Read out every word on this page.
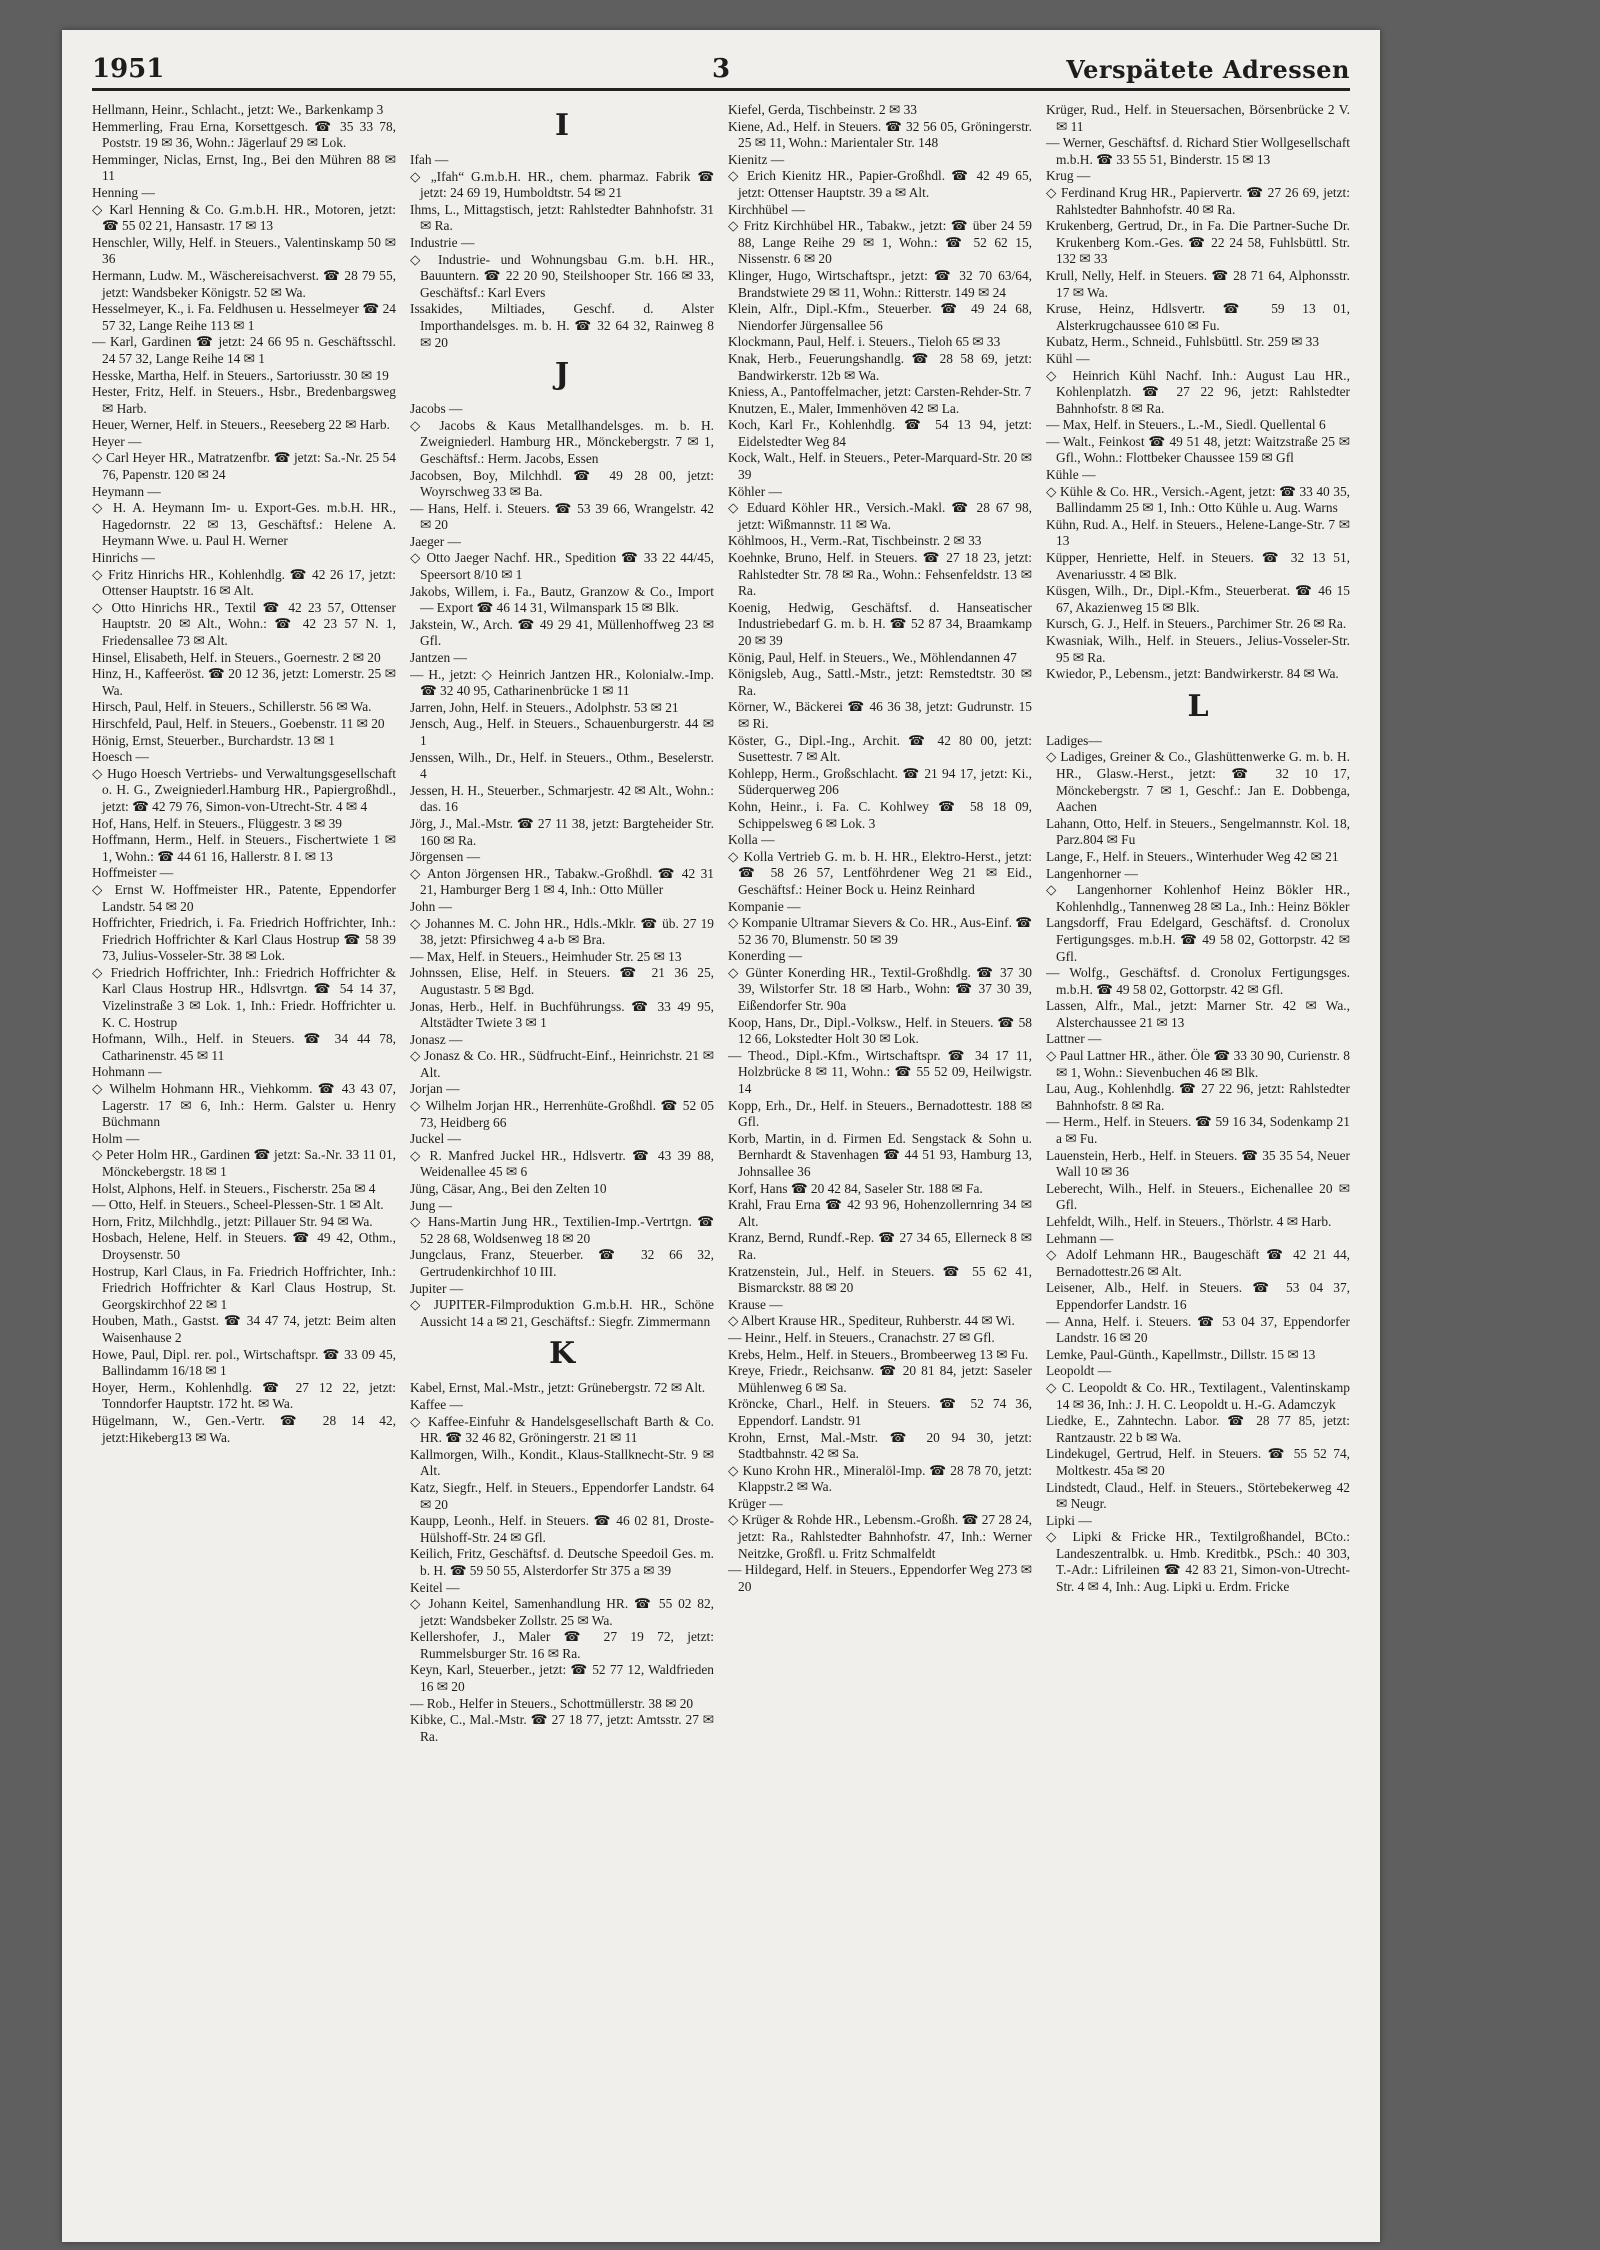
1951	3	Verspätete Adressen
Hellmann, Heinr., Schlacht., jetzt: We., Barkenkamp 3
Hemmerling, Frau Erna, Korsettgesch. ☎ 35 33 78, Poststr. 19 ✉ 36, Wohn.: Jägerlauf 29 ✉ Lok.
Hemminger, Niclas, Ernst, Ing., Bei den Mühren 88 ✉ 11
Henning —
◇ Karl Henning & Co. G.m.b.H. HR., Motoren, jetzt: ☎ 55 02 21, Hansastr. 17 ✉ 13
Henschler, Willy, Helf. in Steuers., Valentinskamp 50 ✉ 36
Hermann, Ludw. M., Wäschereisachverst. ☎ 28 79 55, jetzt: Wandsbeker Königstr. 52 ✉ Wa.
Hesselmeyer, K., i. Fa. Feldhusen u. Hesselmeyer ☎ 24 57 32, Lange Reihe 113 ✉ 1
— Karl, Gardinen ☎ jetzt: 24 66 95 n. Geschäftsschl. 24 57 32, Lange Reihe 14 ✉ 1
Hesske, Martha, Helf. in Steuers., Sartoriusstr. 30 ✉ 19
Hester, Fritz, Helf. in Steuers., Hsbr., Bredenbargsweg ✉ Harb.
Heuer, Werner, Helf. in Steuers., Reeseberg 22 ✉ Harb.
Heyer —
◇ Carl Heyer HR., Matratzenfbr. ☎ jetzt: Sa.-Nr. 25 54 76, Papenstr. 120 ✉ 24
Heymann —
◇ H. A. Heymann Im- u. Export-Ges. m.b.H. HR., Hagedornstr. 22 ✉ 13, Geschäftsf.: Helene A. Heymann Wwe. u. Paul H. Werner
Hinrichs —
◇ Fritz Hinrichs HR., Kohlenhdlg. ☎ 42 26 17, jetzt: Ottenser Hauptstr. 16 ✉ Alt.
◇ Otto Hinrichs HR., Textil ☎ 42 23 57, Ottenser Hauptstr. 20 ✉ Alt., Wohn.: ☎ 42 23 57 N. 1, Friedensallee 73 ✉ Alt.
Hinsel, Elisabeth, Helf. in Steuers., Goernestr. 2 ✉ 20
Hinz, H., Kaffeeröst. ☎ 20 12 36, jetzt: Lomerstr. 25 ✉ Wa.
Hirsch, Paul, Helf. in Steuers., Schillerstr. 56 ✉ Wa.
Hirschfeld, Paul, Helf. in Steuers., Goebenstr. 11 ✉ 20
Hönig, Ernst, Steuerber., Burchardstr. 13 ✉ 1
Hoesch —
◇ Hugo Hoesch Vertriebs- und Verwaltungsgesellschaft o. H. G., Zweigniederl.Hamburg HR., Papiergroßhdl., jetzt: ☎ 42 79 76, Simon-von-Utrecht-Str. 4 ✉ 4
Hof, Hans, Helf. in Steuers., Flüggestr. 3 ✉ 39
Hoffmann, Herm., Helf. in Steuers., Fischertwiete 1 ✉ 1, Wohn.: ☎ 44 61 16, Hallerstr. 8 I. ✉ 13
Hoffmeister —
◇ Ernst W. Hoffmeister HR., Patente, Eppendorfer Landstr. 54 ✉ 20
Hoffrichter, Friedrich, i. Fa. Friedrich Hoffrichter, Inh.: Friedrich Hoffrichter & Karl Claus Hostrup ☎ 58 39 73, Julius-Vosseler-Str. 38 ✉ Lok.
◇ Friedrich Hoffrichter, Inh.: Friedrich Hoffrichter & Karl Claus Hostrup HR., Hdlsvrtgn. ☎ 54 14 37, Vizelinstraße 3 ✉ Lok. 1, Inh.: Friedr. Hoffrichter u. K. C. Hostrup
Hofmann, Wilh., Helf. in Steuers. ☎ 34 44 78, Catharinenstr. 45 ✉ 11
Hohmann —
◇ Wilhelm Hohmann HR., Viehkomm. ☎ 43 43 07, Lagerstr. 17 ✉ 6, Inh.: Herm. Galster u. Henry Büchmann
Holm —
◇ Peter Holm HR., Gardinen ☎ jetzt: Sa.-Nr. 33 11 01, Mönckebergstr. 18 ✉ 1
Holst, Alphons, Helf. in Steuers., Fischerstr. 25a ✉ 4
— Otto, Helf. in Steuers., Scheel-Plessen-Str. 1 ✉ Alt.
Horn, Fritz, Milchhdlg., jetzt: Pillauer Str. 94 ✉ Wa.
Hosbach, Helene, Helf. in Steuers. ☎ 49 42, Othm., Droysenstr. 50
Hostrup, Karl Claus, in Fa. Friedrich Hoffrichter, Inh.: Friedrich Hoffrichter & Karl Claus Hostrup, St. Georgskirchhof 22 ✉ 1
Houben, Math., Gastst. ☎ 34 47 74, jetzt: Beim alten Waisenhause 2
Howe, Paul, Dipl. rer. pol., Wirtschaftspr. ☎ 33 09 45, Ballindamm 16/18 ✉ 1
Hoyer, Herm., Kohlenhdlg. ☎ 27 12 22, jetzt: Tonndorfer Hauptstr. 172 ht. ✉ Wa.
Hügelmann, W., Gen.-Vertr. ☎ 28 14 42, jetzt:Hikeberg13 ✉ Wa.
I
Ifah —
◇ „Ifah“ G.m.b.H. HR., chem. pharmaz. Fabrik ☎ jetzt: 24 69 19, Humboldtstr. 54 ✉ 21
Ihms, L., Mittagstisch, jetzt: Rahlstedter Bahnhofstr. 31 ✉ Ra.
Industrie —
◇ Industrie- und Wohnungsbau G.m. b.H. HR., Bauuntern. ☎ 22 20 90, Steilshooper Str. 166 ✉ 33, Geschäftsf.: Karl Evers
Issakides, Miltiades, Geschf. d. Alster Importhandelsges. m. b. H. ☎ 32 64 32, Rainweg 8 ✉ 20
J
Jacobs —
◇ Jacobs & Kaus Metallhandelsges. m. b. H. Zweigniederl. Hamburg HR., Mönckebergstr. 7 ✉ 1, Geschäftsf.: Herm. Jacobs, Essen
Jacobsen, Boy, Milchhdl. ☎ 49 28 00, jetzt: Woyrschweg 33 ✉ Ba.
— Hans, Helf. i. Steuers. ☎ 53 39 66, Wrangelstr. 42 ✉ 20
Jaeger —
◇ Otto Jaeger Nachf. HR., Spedition ☎ 33 22 44/45, Speersort 8/10 ✉ 1
Jakobs, Willem, i. Fa., Bautz, Granzow & Co., Import — Export ☎ 46 14 31, Wilmanspark 15 ✉ Blk.
Jakstein, W., Arch. ☎ 49 29 41, Müllenhoffweg 23 ✉ Gfl.
Jantzen —
— H., jetzt: ◇ Heinrich Jantzen HR., Kolonialw.-Imp. ☎ 32 40 95, Catharinenbrücke 1 ✉ 11
Jarren, John, Helf. in Steuers., Adolphstr. 53 ✉ 21
Jensch, Aug., Helf. in Steuers., Schauenburgerstr. 44 ✉ 1
Jenssen, Wilh., Dr., Helf. in Steuers., Othm., Beselerstr. 4
Jessen, H. H., Steuerber., Schmarjestr. 42 ✉ Alt., Wohn.: das. 16
Jörg, J., Mal.-Mstr. ☎ 27 11 38, jetzt: Bargteheider Str. 160 ✉ Ra.
Jörgensen —
◇ Anton Jörgensen HR., Tabakw.-Großhdl. ☎ 42 31 21, Hamburger Berg 1 ✉ 4, Inh.: Otto Müller
John —
◇ Johannes M. C. John HR., Hdls.-Mklr. ☎ üb. 27 19 38, jetzt: Pfirsichweg 4 a-b ✉ Bra.
— Max, Helf. in Steuers., Heimhuder Str. 25 ✉ 13
Johnssen, Elise, Helf. in Steuers. ☎ 21 36 25, Augustastr. 5 ✉ Bgd.
Jonas, Herb., Helf. in Buchführungss. ☎ 33 49 95, Altstädter Twiete 3 ✉ 1
Jonasz —
◇ Jonasz & Co. HR., Südfrucht-Einf., Heinrichstr. 21 ✉ Alt.
Jorjan —
◇ Wilhelm Jorjan HR., Herrenhüte-Großhdl. ☎ 52 05 73, Heidberg 66
Juckel —
◇ R. Manfred Juckel HR., Hdlsvertr. ☎ 43 39 88, Weidenallee 45 ✉ 6
Jüng, Cäsar, Ang., Bei den Zelten 10
Jung —
◇ Hans-Martin Jung HR., Textilien-Imp.-Vertrtgn. ☎ 52 28 68, Woldsenweg 18 ✉ 20
Jungclaus, Franz, Steuerber. ☎ 32 66 32, Gertrudenkirchhof 10 III.
Jupiter —
◇ JUPITER-Filmproduktion G.m.b.H. HR., Schöne Aussicht 14 a ✉ 21, Geschäftsf.: Siegfr. Zimmermann
K
Kabel, Ernst, Mal.-Mstr., jetzt: Grünebergstr. 72 ✉ Alt.
Kaffee —
◇ Kaffee-Einfuhr & Handelsgesellschaft Barth & Co. HR. ☎ 32 46 82, Gröningerstr. 21 ✉ 11
Kallmorgen, Wilh., Kondit., Klaus-Stallknecht-Str. 9 ✉ Alt.
Katz, Siegfr., Helf. in Steuers., Eppendorfer Landstr. 64 ✉ 20
Kaupp, Leonh., Helf. in Steuers. ☎ 46 02 81, Droste-Hülshoff-Str. 24 ✉ Gfl.
Keilich, Fritz, Geschäftsf. d. Deutsche Speedoil Ges. m. b. H. ☎ 59 50 55, Alsterdorfer Str 375 a ✉ 39
Keitel —
◇ Johann Keitel, Samenhandlung HR. ☎ 55 02 82, jetzt: Wandsbeker Zollstr. 25 ✉ Wa.
Kellershofer, J., Maler ☎ 27 19 72, jetzt: Rummelsburger Str. 16 ✉ Ra.
Keyn, Karl, Steuerber., jetzt: ☎ 52 77 12, Waldfrieden 16 ✉ 20
— Rob., Helfer in Steuers., Schottmüllerstr. 38 ✉ 20
Kibke, C., Mal.-Mstr. ☎ 27 18 77, jetzt: Amtsstr. 27 ✉ Ra.
Kiefel, Gerda, Tischbeinstr. 2 ✉ 33
Kiene, Ad., Helf. in Steuers. ☎ 32 56 05, Gröningerstr. 25 ✉ 11, Wohn.: Marientaler Str. 148
Kienitz —
◇ Erich Kienitz HR., Papier-Großhdl. ☎ 42 49 65, jetzt: Ottenser Hauptstr. 39 a ✉ Alt.
Kirchhübel —
◇ Fritz Kirchhübel HR., Tabakw., jetzt: ☎ über 24 59 88, Lange Reihe 29 ✉ 1, Wohn.: ☎ 52 62 15, Nissenstr. 6 ✉ 20
Klinger, Hugo, Wirtschaftspr., jetzt: ☎ 32 70 63/64, Brandstwiete 29 ✉ 11, Wohn.: Ritterstr. 149 ✉ 24
Klein, Alfr., Dipl.-Kfm., Steuerber. ☎ 49 24 68, Niendorfer Jürgensallee 56
Klockmann, Paul, Helf. i. Steuers., Tieloh 65 ✉ 33
Knak, Herb., Feuerungshandlg. ☎ 28 58 69, jetzt: Bandwirkerstr. 12b ✉ Wa.
Kniess, A., Pantoffelmacher, jetzt: Carsten-Rehder-Str. 7
Knutzen, E., Maler, Immenhöven 42 ✉ La.
Koch, Karl Fr., Kohlenhdlg. ☎ 54 13 94, jetzt: Eidelstedter Weg 84
Kock, Walt., Helf. in Steuers., Peter-Marquard-Str. 20 ✉ 39
Köhler —
◇ Eduard Köhler HR., Versich.-Makl. ☎ 28 67 98, jetzt: Wißmannstr. 11 ✉ Wa.
Köhlmoos, H., Verm.-Rat, Tischbeinstr. 2 ✉ 33
Koehnke, Bruno, Helf. in Steuers. ☎ 27 18 23, jetzt: Rahlstedter Str. 78 ✉ Ra., Wohn.: Fehsenfeldstr. 13 ✉ Ra.
Koenig, Hedwig, Geschäftsf. d. Hanseatischer Industriebedarf G. m. b. H. ☎ 52 87 34, Braamkamp 20 ✉ 39
König, Paul, Helf. in Steuers., We., Möhlendannen 47
Königsleb, Aug., Sattl.-Mstr., jetzt: Remstedtstr. 30 ✉ Ra.
Körner, W., Bäckerei ☎ 46 36 38, jetzt: Gudrunstr. 15 ✉ Ri.
Köster, G., Dipl.-Ing., Archit. ☎ 42 80 00, jetzt: Susettestr. 7 ✉ Alt.
Kohlepp, Herm., Großschlacht. ☎ 21 94 17, jetzt: Ki., Süderquerweg 206
Kohn, Heinr., i. Fa. C. Kohlwey ☎ 58 18 09, Schippelsweg 6 ✉ Lok. 3
Kolla —
◇ Kolla Vertrieb G. m. b. H. HR., Elektro-Herst., jetzt: ☎ 58 26 57, Lentföhrdener Weg 21 ✉ Eid., Geschäftsf.: Heiner Bock u. Heinz Reinhard
Kompanie —
◇ Kompanie Ultramar Sievers & Co. HR., Aus-Einf. ☎ 52 36 70, Blumenstr. 50 ✉ 39
Konerding —
◇ Günter Konerding HR., Textil-Großhdlg. ☎ 37 30 39, Wilstorfer Str. 18 ✉ Harb., Wohn: ☎ 37 30 39, Eißendorfer Str. 90a
Koop, Hans, Dr., Dipl.-Volksw., Helf. in Steuers. ☎ 58 12 66, Lokstedter Holt 30 ✉ Lok.
— Theod., Dipl.-Kfm., Wirtschaftspr. ☎ 34 17 11, Holzbrücke 8 ✉ 11, Wohn.: ☎ 55 52 09, Heilwigstr. 14
Kopp, Erh., Dr., Helf. in Steuers., Bernadottestr. 188 ✉ Gfl.
Korb, Martin, in d. Firmen Ed. Sengstack & Sohn u. Bernhardt & Stavenhagen ☎ 44 51 93, Hamburg 13, Johnsallee 36
Korf, Hans ☎ 20 42 84, Saseler Str. 188 ✉ Fa.
Krahl, Frau Erna ☎ 42 93 96, Hohenzollernring 34 ✉ Alt.
Kranz, Bernd, Rundf.-Rep. ☎ 27 34 65, Ellerneck 8 ✉ Ra.
Kratzenstein, Jul., Helf. in Steuers. ☎ 55 62 41, Bismarckstr. 88 ✉ 20
Krause —
◇ Albert Krause HR., Spediteur, Ruhberstr. 44 ✉ Wi.
— Heinr., Helf. in Steuers., Cranachstr. 27 ✉ Gfl.
Krebs, Helm., Helf. in Steuers., Brombeerweg 13 ✉ Fu.
Kreye, Friedr., Reichsanw. ☎ 20 81 84, jetzt: Saseler Mühlenweg 6 ✉ Sa.
Kröncke, Charl., Helf. in Steuers. ☎ 52 74 36, Eppendorf. Landstr. 91
Krohn, Ernst, Mal.-Mstr. ☎ 20 94 30, jetzt: Stadtbahnstr. 42 ✉ Sa.
◇ Kuno Krohn HR., Mineralöl-Imp. ☎ 28 78 70, jetzt: Klappstr.2 ✉ Wa.
Krüger —
◇ Krüger & Rohde HR., Lebensm.-Großh. ☎ 27 28 24, jetzt: Ra., Rahlstedter Bahnhofstr. 47, Inh.: Werner Neitzke, Großfl. u. Fritz Schmalfeldt
— Hildegard, Helf. in Steuers., Eppendorfer Weg 273 ✉ 20
Krüger, Rud., Helf. in Steuersachen, Börsenbrücke 2 V. ✉ 11
— Werner, Geschäftsf. d. Richard Stier Wollgesellschaft m.b.H. ☎ 33 55 51, Binderstr. 15 ✉ 13
Krug —
◇ Ferdinand Krug HR., Papiervertr. ☎ 27 26 69, jetzt: Rahlstedter Bahnhofstr. 40 ✉ Ra.
Krukenberg, Gertrud, Dr., in Fa. Die Partner-Suche Dr. Krukenberg Kom.-Ges. ☎ 22 24 58, Fuhlsbüttl. Str. 132 ✉ 33
Krull, Nelly, Helf. in Steuers. ☎ 28 71 64, Alphonsstr. 17 ✉ Wa.
Kruse, Heinz, Hdlsvertr. ☎ 59 13 01, Alsterkrugchaussee 610 ✉ Fu.
Kubatz, Herm., Schneid., Fuhlsbüttl. Str. 259 ✉ 33
Kühl —
◇ Heinrich Kühl Nachf. Inh.: August Lau HR., Kohlenplatzh. ☎ 27 22 96, jetzt: Rahlstedter Bahnhofstr. 8 ✉ Ra.
— Max, Helf. in Steuers., L.-M., Siedl. Quellental 6
— Walt., Feinkost ☎ 49 51 48, jetzt: Waitzstraße 25 ✉ Gfl., Wohn.: Flottbeker Chaussee 159 ✉ Gfl
Kühle —
◇ Kühle & Co. HR., Versich.-Agent, jetzt: ☎ 33 40 35, Ballindamm 25 ✉ 1, Inh.: Otto Kühle u. Aug. Warns
Kühn, Rud. A., Helf. in Steuers., Helene-Lange-Str. 7 ✉ 13
Küpper, Henriette, Helf. in Steuers. ☎ 32 13 51, Avenariusstr. 4 ✉ Blk.
Küsgen, Wilh., Dr., Dipl.-Kfm., Steuerberat. ☎ 46 15 67, Akazienweg 15 ✉ Blk.
Kursch, G. J., Helf. in Steuers., Parchimer Str. 26 ✉ Ra.
Kwasniak, Wilh., Helf. in Steuers., Jelius-Vosseler-Str. 95 ✉ Ra.
Kwiedor, P., Lebensm., jetzt: Bandwirkerstr. 84 ✉ Wa.
L
Ladiges—
◇ Ladiges, Greiner & Co., Glashüttenwerke G. m. b. H. HR., Glasw.-Herst., jetzt: ☎ 32 10 17, Mönckebergstr. 7 ✉ 1, Geschf.: Jan E. Dobbenga, Aachen
Lahann, Otto, Helf. in Steuers., Sengelmannstr. Kol. 18, Parz.804 ✉ Fu
Lange, F., Helf. in Steuers., Winterhuder Weg 42 ✉ 21
Langenhorner —
◇ Langenhorner Kohlenhof Heinz Bökler HR., Kohlenhdlg., Tannenweg 28 ✉ La., Inh.: Heinz Bökler
Langsdorff, Frau Edelgard, Geschäftsf. d. Cronolux Fertigungsges. m.b.H. ☎ 49 58 02, Gottorpstr. 42 ✉ Gfl.
— Wolfg., Geschäftsf. d. Cronolux Fertigungsges. m.b.H. ☎ 49 58 02, Gottorpstr. 42 ✉ Gfl.
Lassen, Alfr., Mal., jetzt: Marner Str. 42 ✉ Wa., Alsterchaussee 21 ✉ 13
Lattner —
◇ Paul Lattner HR., äther. Öle ☎ 33 30 90, Curienstr. 8 ✉ 1, Wohn.: Sievenbuchen 46 ✉ Blk.
Lau, Aug., Kohlenhdlg. ☎ 27 22 96, jetzt: Rahlstedter Bahnhofstr. 8 ✉ Ra.
— Herm., Helf. in Steuers. ☎ 59 16 34, Sodenkamp 21 a ✉ Fu.
Lauenstein, Herb., Helf. in Steuers. ☎ 35 35 54, Neuer Wall 10 ✉ 36
Leberecht, Wilh., Helf. in Steuers., Eichenallee 20 ✉ Gfl.
Lehfeldt, Wilh., Helf. in Steuers., Thörlstr. 4 ✉ Harb.
Lehmann —
◇ Adolf Lehmann HR., Baugeschäft ☎ 42 21 44, Bernadottestr.26 ✉ Alt.
Leisener, Alb., Helf. in Steuers. ☎ 53 04 37, Eppendorfer Landstr. 16
— Anna, Helf. i. Steuers. ☎ 53 04 37, Eppendorfer Landstr. 16 ✉ 20
Lemke, Paul-Günth., Kapellmstr., Dillstr. 15 ✉ 13
Leopoldt —
◇ C. Leopoldt & Co. HR., Textilagent., Valentinskamp 14 ✉ 36, Inh.: J. H. C. Leopoldt u. H.-G. Adamczyk
Liedke, E., Zahntechn. Labor. ☎ 28 77 85, jetzt: Rantzaustr. 22 b ✉ Wa.
Lindekugel, Gertrud, Helf. in Steuers. ☎ 55 52 74, Moltkestr. 45a ✉ 20
Lindstedt, Claud., Helf. in Steuers., Störtebekerweg 42 ✉ Neugr.
Lipki —
◇ Lipki & Fricke HR., Textilgroßhandel, BCto.: Landeszentralbk. u. Hmb. Kreditbk., PSch.: 40 303, T.-Adr.: Lifrileinen ☎ 42 83 21, Simon-von-Utrecht-Str. 4 ✉ 4, Inh.: Aug. Lipki u. Erdm. Fricke
